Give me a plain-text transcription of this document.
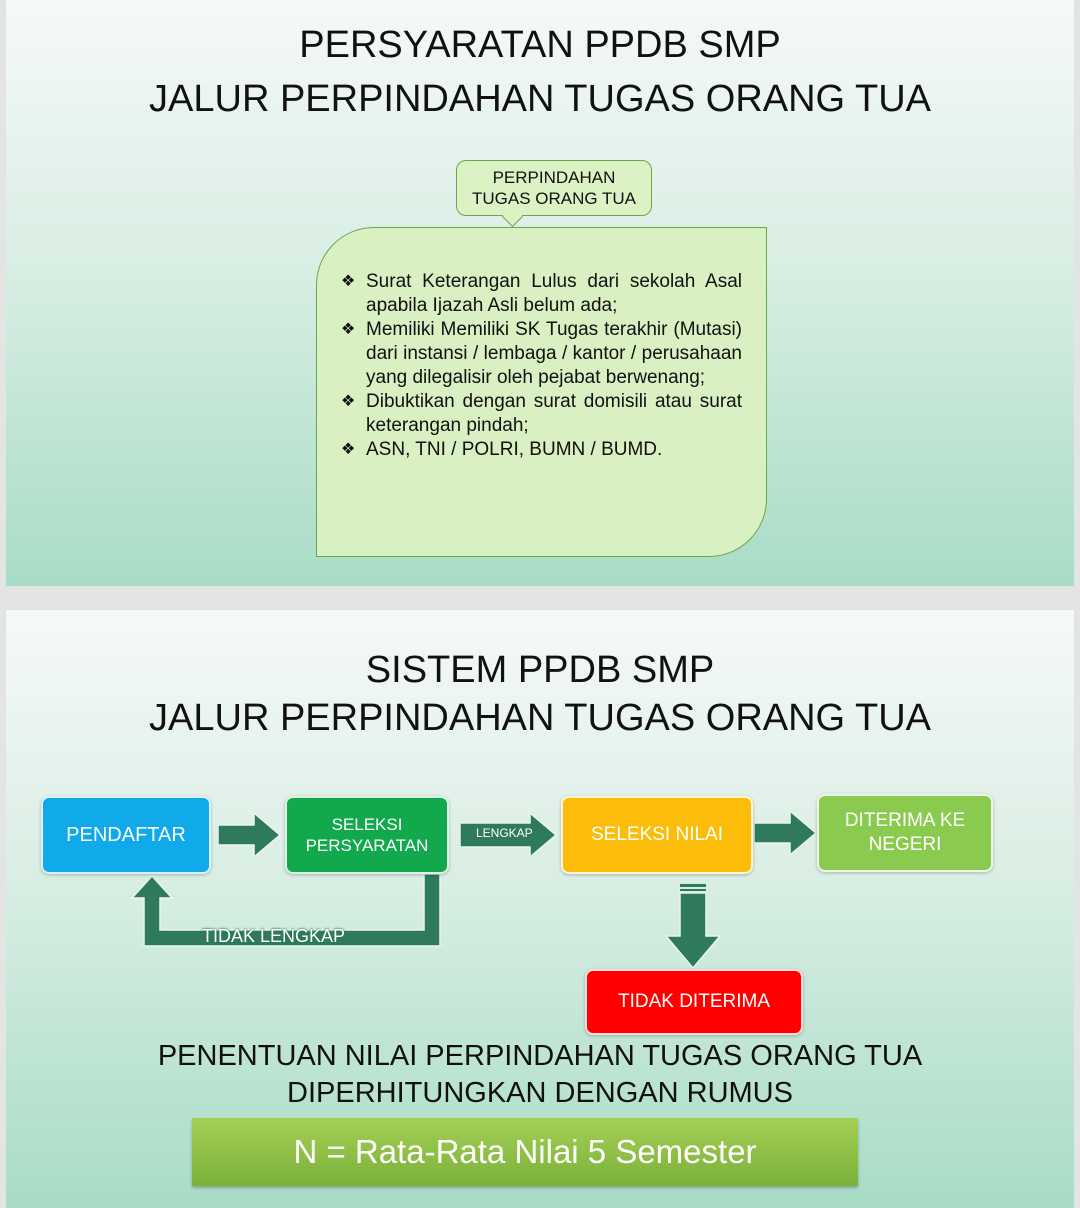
PERSYARATAN PPDB SMP
JALUR PERPINDAHAN TUGAS ORANG TUA
PERPINDAHAN
TUGAS ORANG TUA
❖ Surat Keterangan Lulus dari sekolah Asal apabila Ijazah Asli belum ada;
❖ Memiliki Memiliki SK Tugas terakhir (Mutasi) dari instansi / lembaga / kantor / perusahaan yang dilegalisir oleh pejabat berwenang;
❖ Dibuktikan dengan surat domisili atau surat keterangan pindah;
❖ ASN, TNI / POLRI, BUMN / BUMD.
SISTEM PPDB SMP
JALUR PERPINDAHAN TUGAS ORANG TUA
LENGKAP
TIDAK LENGKAP
PENDAFTAR	SELEKSI
PERSYARATAN
SELEKSI NILAI
DITERIMA KE
NEGERI
TIDAK DITERIMA
PENENTUAN NILAI PERPINDAHAN TUGAS ORANG TUA
DIPERHITUNGKAN DENGAN RUMUS
N = Rata-Rata Nilai 5 Semester
